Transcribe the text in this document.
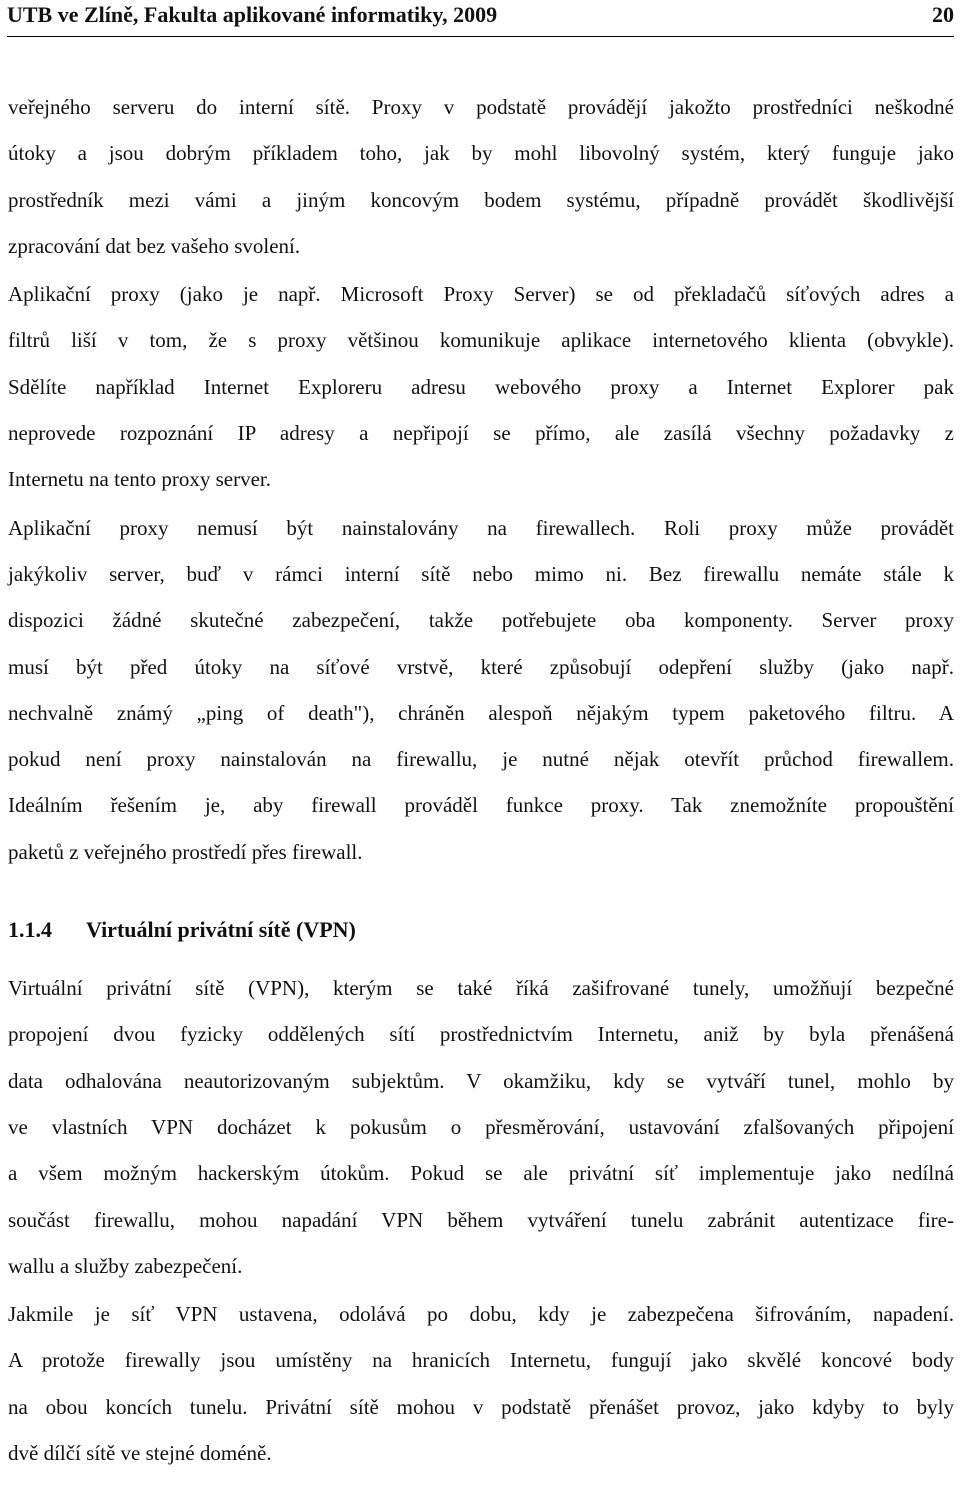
UTB ve Zlíně, Fakulta aplikované informatiky, 2009	20

veřejného serveru do interní sítě. Proxy v podstatě provádějí jakožto prostředníci neškodné
útoky a jsou dobrým příkladem toho, jak by mohl libovolný systém, který funguje jako
prostředník mezi vámi a jiným koncovým bodem systému, případně provádět škodlivější
zpracování dat bez vašeho svolení.

Aplikační proxy (jako je např. Microsoft Proxy Server) se od překladačů síťových adres a
filtrů liší v tom, že s proxy většinou komunikuje aplikace internetového klienta (obvykle).
Sdělíte například Internet Exploreru adresu webového proxy a Internet Explorer pak
neprovede rozpoznání IP adresy a nepřipojí se přímo, ale zasílá všechny požadavky z
Internetu na tento proxy server.

Aplikační proxy nemusí být nainstalovány na firewallech. Roli proxy může provádět
jakýkoliv server, buď v rámci interní sítě nebo mimo ni. Bez firewallu nemáte stále k
dispozici žádné skutečné zabezpečení, takže potřebujete oba komponenty. Server proxy
musí být před útoky na síťové vrstvě, které způsobují odepření služby (jako např.
nechvalně známý „ping of death"), chráněn alespoň nějakým typem paketového filtru. A
pokud není proxy nainstalován na firewallu, je nutné nějak otevřít průchod firewallem.
Ideálním řešením je, aby firewall prováděl funkce proxy. Tak znemožníte propouštění
paketů z veřejného prostředí přes firewall.

1.1.4 Virtuální privátní sítě (VPN)

Virtuální privátní sítě (VPN), kterým se také říká zašifrované tunely, umožňují bezpečné
propojení dvou fyzicky oddělených sítí prostřednictvím Internetu, aniž by byla přenášená
data odhalována neautorizovaným subjektům. V okamžiku, kdy se vytváří tunel, mohlo by
ve vlastních VPN docházet k pokusům o přesměrování, ustavování zfalšovaných připojení
a všem možným hackerským útokům. Pokud se ale privátní síť implementuje jako nedílná
součást firewallu, mohou napadání VPN během vytváření tunelu zabránit autentizace fire-
wallu a služby zabezpečení.

Jakmile je síť VPN ustavena, odolává po dobu, kdy je zabezpečena šifrováním, napadení.
A protože firewally jsou umístěny na hranicích Internetu, fungují jako skvělé koncové body
na obou koncích tunelu. Privátní sítě mohou v podstatě přenášet provoz, jako kdyby to byly
dvě dílčí sítě ve stejné doméně.
